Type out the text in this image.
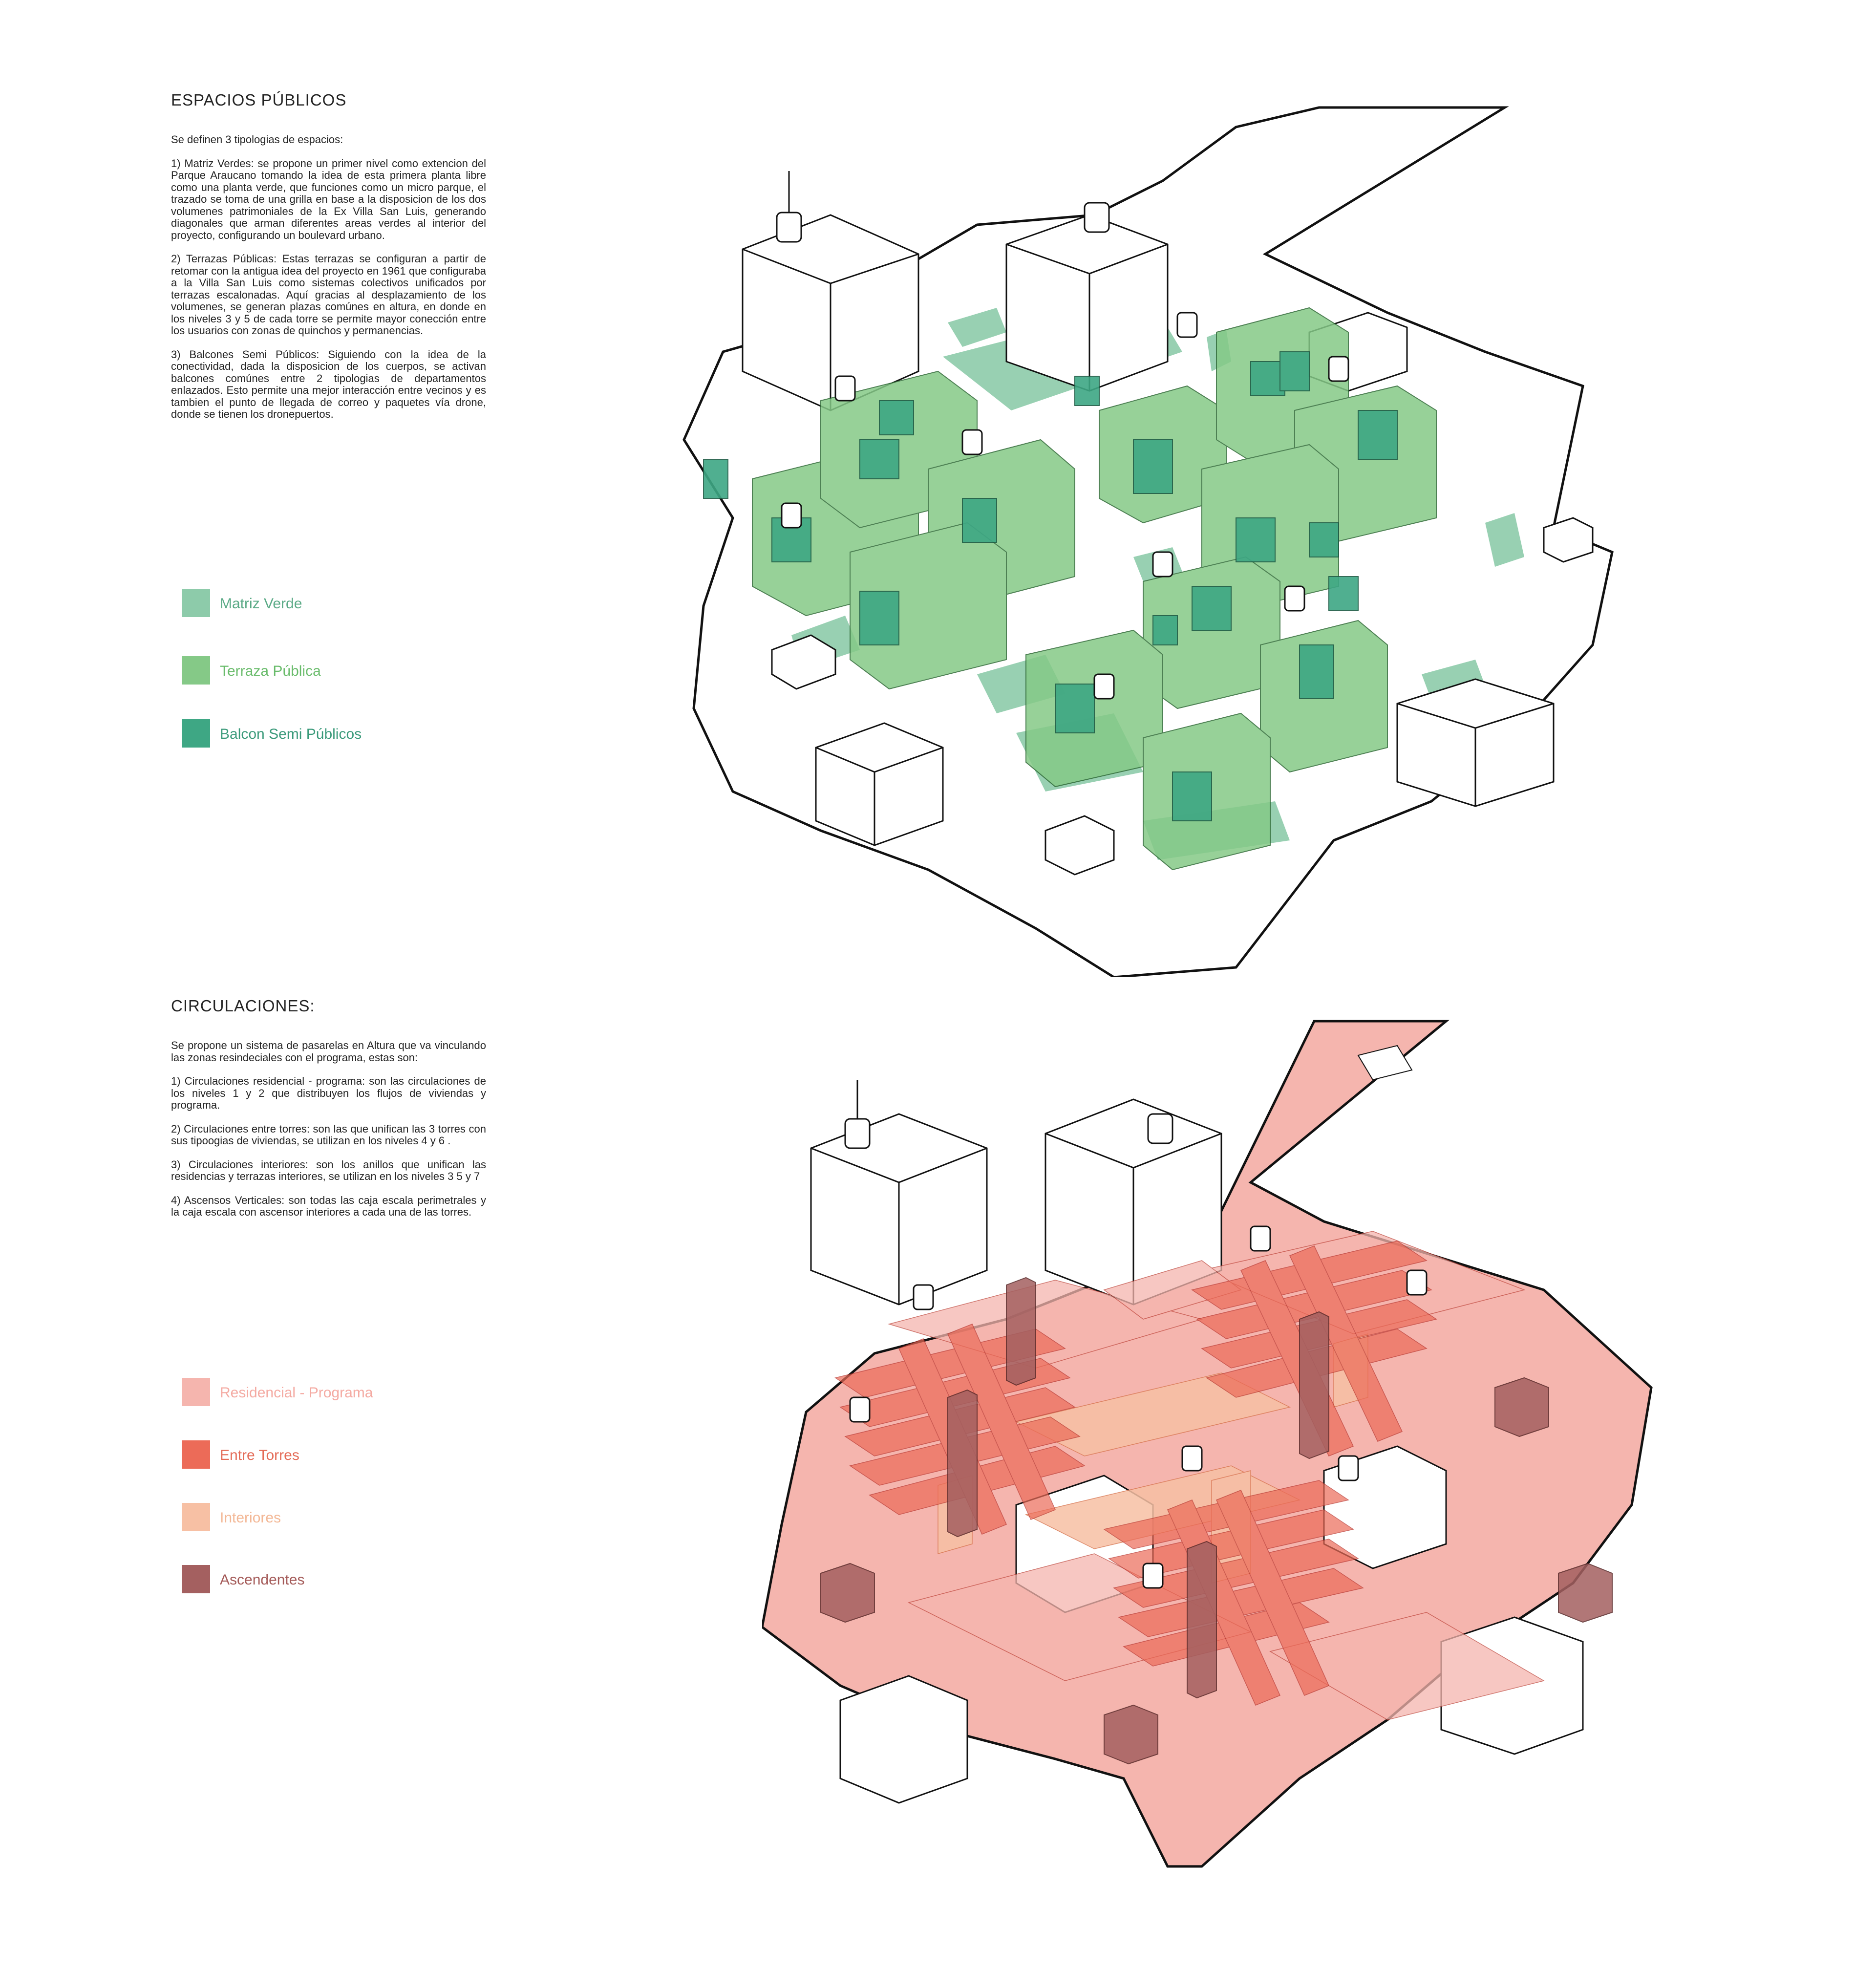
ESPACIOS PÚBLICOS

Se definen 3 tipologias de espacios:

1) Matriz Verdes: se propone un primer nivel como extencion del Parque Araucano tomando la idea de esta primera planta libre como una planta verde, que funciones como un micro parque, el trazado se toma de una grilla en base a la disposicion de los dos volumenes patrimoniales de la Ex Villa San Luis, generando diagonales que arman diferentes areas verdes al interior del proyecto, configurando un boulevard urbano.

2) Terrazas Públicas: Estas terrazas se configuran a partir de retomar con la antigua idea del proyecto en 1961 que configuraba a la Villa San Luis como sistemas colectivos unificados por terrazas escalonadas. Aquí gracias al desplazamiento de los volumenes, se generan plazas comúnes en altura, en donde en los niveles 3 y 5 de cada torre se permite mayor conección entre los usuarios con zonas de quinchos y permanencias.

3) Balcones Semi Públicos: Siguiendo con la idea de la conectividad, dada la disposicion de los cuerpos, se activan balcones comúnes entre 2 tipologias de departamentos enlazados. Esto permite una mejor interacción entre vecinos y es tambien el punto de llegada de correo y paquetes vía drone, donde se tienen los dronepuertos.

Matriz Verde
Terraza Pública
Balcon Semi Públicos
CIRCULACIONES:

Se propone un sistema de pasarelas en Altura que va vinculando las zonas resindeciales con el programa, estas son:

1) Circulaciones residencial - programa: son las circulaciones de los niveles 1 y 2 que distribuyen los flujos de viviendas y programa.

2) Circulaciones entre torres: son las que unifican las 3 torres con sus tipoogias de viviendas, se utilizan en los niveles 4 y 6 .

3) Circulaciones interiores: son los anillos que unifican las residencias y terrazas interiores, se utilizan en los niveles 3 5 y 7

4) Ascensos Verticales: son todas las caja escala perimetrales y la caja escala con ascensor interiores a cada una de las torres.

Residencial - Programa
Entre Torres
Interiores
Ascendentes
